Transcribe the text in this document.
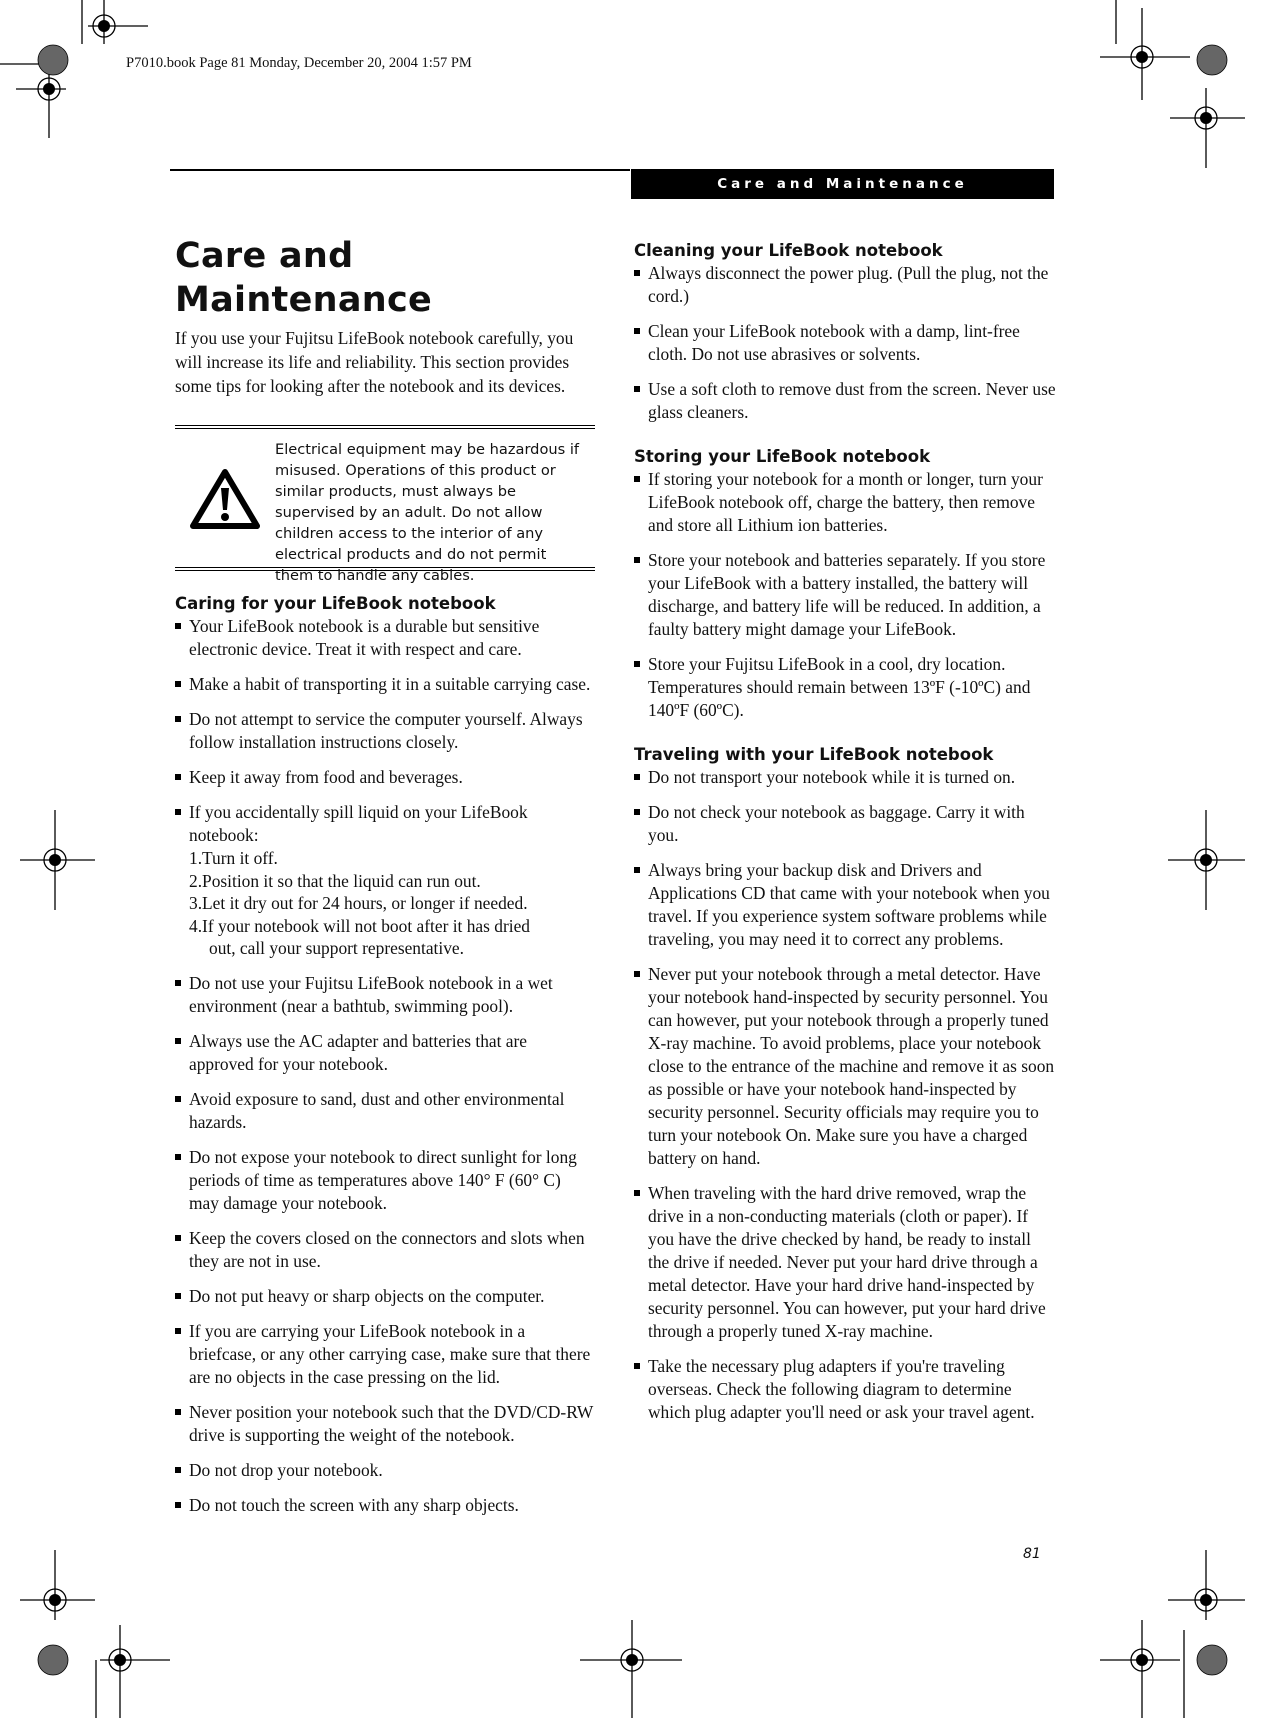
P7010.book Page 81 Monday, December 20, 2004 1:57 PM
Care and Maintenance
Care and Maintenance

If you use your Fujitsu LifeBook notebook carefully, you will increase its life and reliability. This section provides some tips for looking after the notebook and its devices.

Electrical equipment may be hazardous if misused. Operations of this product or similar products, must always be supervised by an adult. Do not allow children access to the interior of any electrical products and do not permit them to handle any cables.
Caring for your LifeBook notebook
Your LifeBook notebook is a durable but sensitive electronic device. Treat it with respect and care.
Make a habit of transporting it in a suitable carrying case.
Do not attempt to service the computer yourself. Always follow installation instructions closely.
Keep it away from food and beverages.
If you accidentally spill liquid on your LifeBook notebook:
1.Turn it off.
2.Position it so that the liquid can run out.
3.Let it dry out for 24 hours, or longer if needed.
4.If your notebook will not boot after it has dried
out, call your support representative.
Do not use your Fujitsu LifeBook notebook in a wet environment (near a bathtub, swimming pool).
Always use the AC adapter and batteries that are approved for your notebook.
Avoid exposure to sand, dust and other environmental hazards.
Do not expose your notebook to direct sunlight for long periods of time as temperatures above 140° F (60° C) may damage your notebook.
Keep the covers closed on the connectors and slots when they are not in use.
Do not put heavy or sharp objects on the computer.
If you are carrying your LifeBook notebook in a briefcase, or any other carrying case, make sure that there are no objects in the case pressing on the lid.
Never position your notebook such that the DVD/CD-RW drive is supporting the weight of the notebook.
Do not drop your notebook.
Do not touch the screen with any sharp objects.
Cleaning your LifeBook notebook
Always disconnect the power plug. (Pull the plug, not the cord.)
Clean your LifeBook notebook with a damp, lint-free cloth. Do not use abrasives or solvents.
Use a soft cloth to remove dust from the screen. Never use glass cleaners.
Storing your LifeBook notebook
If storing your notebook for a month or longer, turn your LifeBook notebook off, charge the battery, then remove and store all Lithium ion batteries.
Store your notebook and batteries separately. If you store your LifeBook with a battery installed, the battery will discharge, and battery life will be reduced. In addition, a faulty battery might damage your LifeBook.
Store your Fujitsu LifeBook in a cool, dry location. Temperatures should remain between 13ºF (-10ºC) and 140ºF (60ºC).
Traveling with your LifeBook notebook
Do not transport your notebook while it is turned on.
Do not check your notebook as baggage. Carry it with you.
Always bring your backup disk and Drivers and Applications CD that came with your notebook when you travel. If you experience system software problems while traveling, you may need it to correct any problems.
Never put your notebook through a metal detector. Have your notebook hand-inspected by security personnel. You can however, put your notebook through a properly tuned X-ray machine. To avoid problems, place your notebook close to the entrance of the machine and remove it as soon as possible or have your notebook hand-inspected by security personnel. Security officials may require you to turn your notebook On. Make sure you have a charged battery on hand.
When traveling with the hard drive removed, wrap the drive in a non-conducting materials (cloth or paper). If you have the drive checked by hand, be ready to install the drive if needed. Never put your hard drive through a metal detector. Have your hard drive hand-inspected by security personnel. You can however, put your hard drive through a properly tuned X-ray machine.
Take the necessary plug adapters if you're traveling overseas. Check the following diagram to determine which plug adapter you'll need or ask your travel agent.
81
